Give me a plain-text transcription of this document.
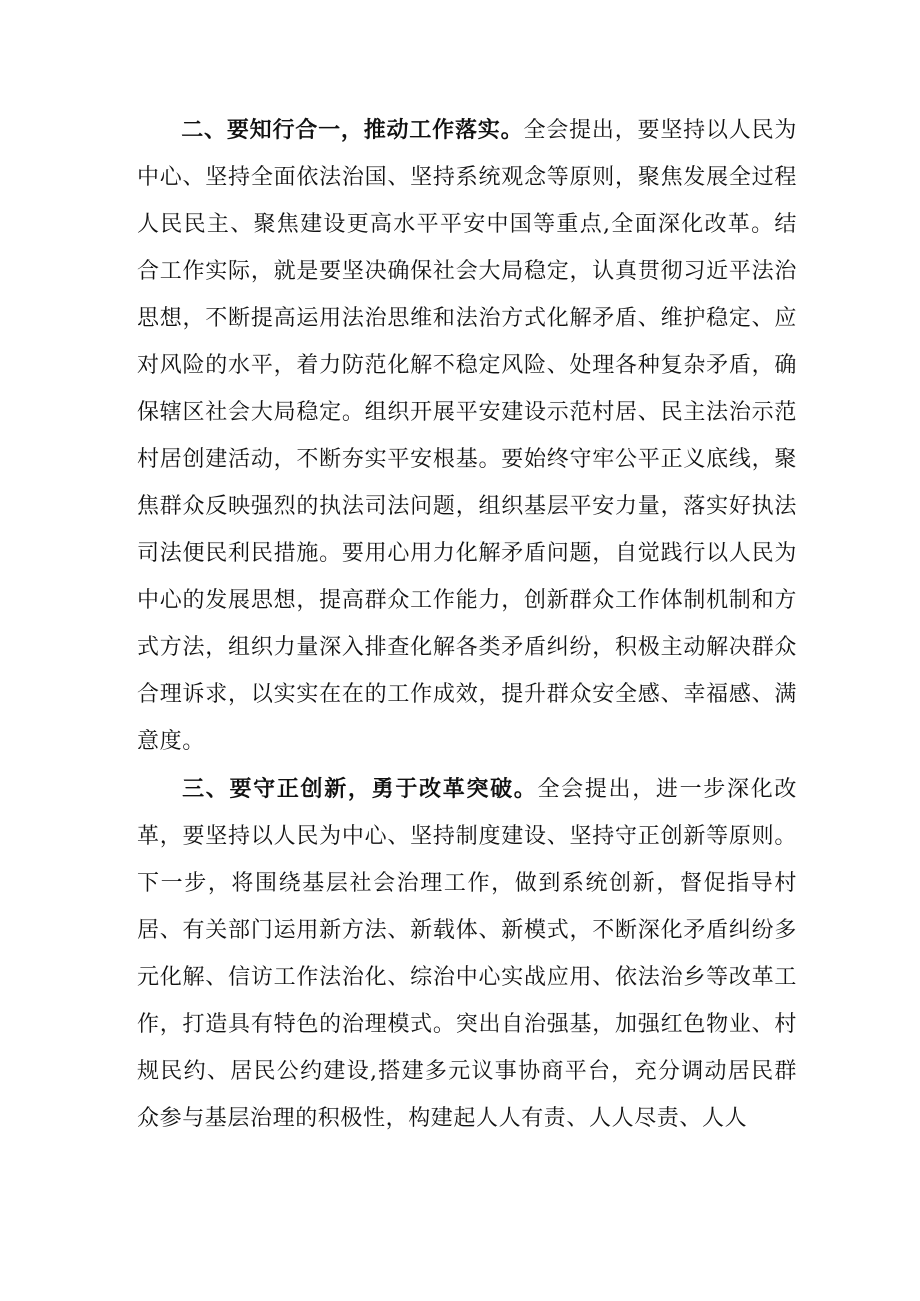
二、要知行合一，推动工作落实。全会提出，要坚持以人民为中心、坚持全面依法治国、坚持系统观念等原则，聚焦发展全过程人民民主、聚焦建设更高水平平安中国等重点,全面深化改革。结合工作实际，就是要坚决确保社会大局稳定，认真贯彻习近平法治思想，不断提高运用法治思维和法治方式化解矛盾、维护稳定、应对风险的水平，着力防范化解不稳定风险、处理各种复杂矛盾，确保辖区社会大局稳定。组织开展平安建设示范村居、民主法治示范村居创建活动，不断夯实平安根基。要始终守牢公平正义底线，聚焦群众反映强烈的执法司法问题，组织基层平安力量，落实好执法司法便民利民措施。要用心用力化解矛盾问题，自觉践行以人民为中心的发展思想，提高群众工作能力，创新群众工作体制机制和方式方法，组织力量深入排查化解各类矛盾纠纷，积极主动解决群众合理诉求，以实实在在的工作成效，提升群众安全感、幸福感、满意度。

三、要守正创新，勇于改革突破。全会提出，进一步深化改革，要坚持以人民为中心、坚持制度建设、坚持守正创新等原则。下一步，将围绕基层社会治理工作，做到系统创新，督促指导村居、有关部门运用新方法、新载体、新模式，不断深化矛盾纠纷多元化解、信访工作法治化、综治中心实战应用、依法治乡等改革工作，打造具有特色的治理模式。突出自治强基，加强红色物业、村规民约、居民公约建设,搭建多元议事协商平台，充分调动居民群众参与基层治理的积极性，构建起人人有责、人人尽责、人人
